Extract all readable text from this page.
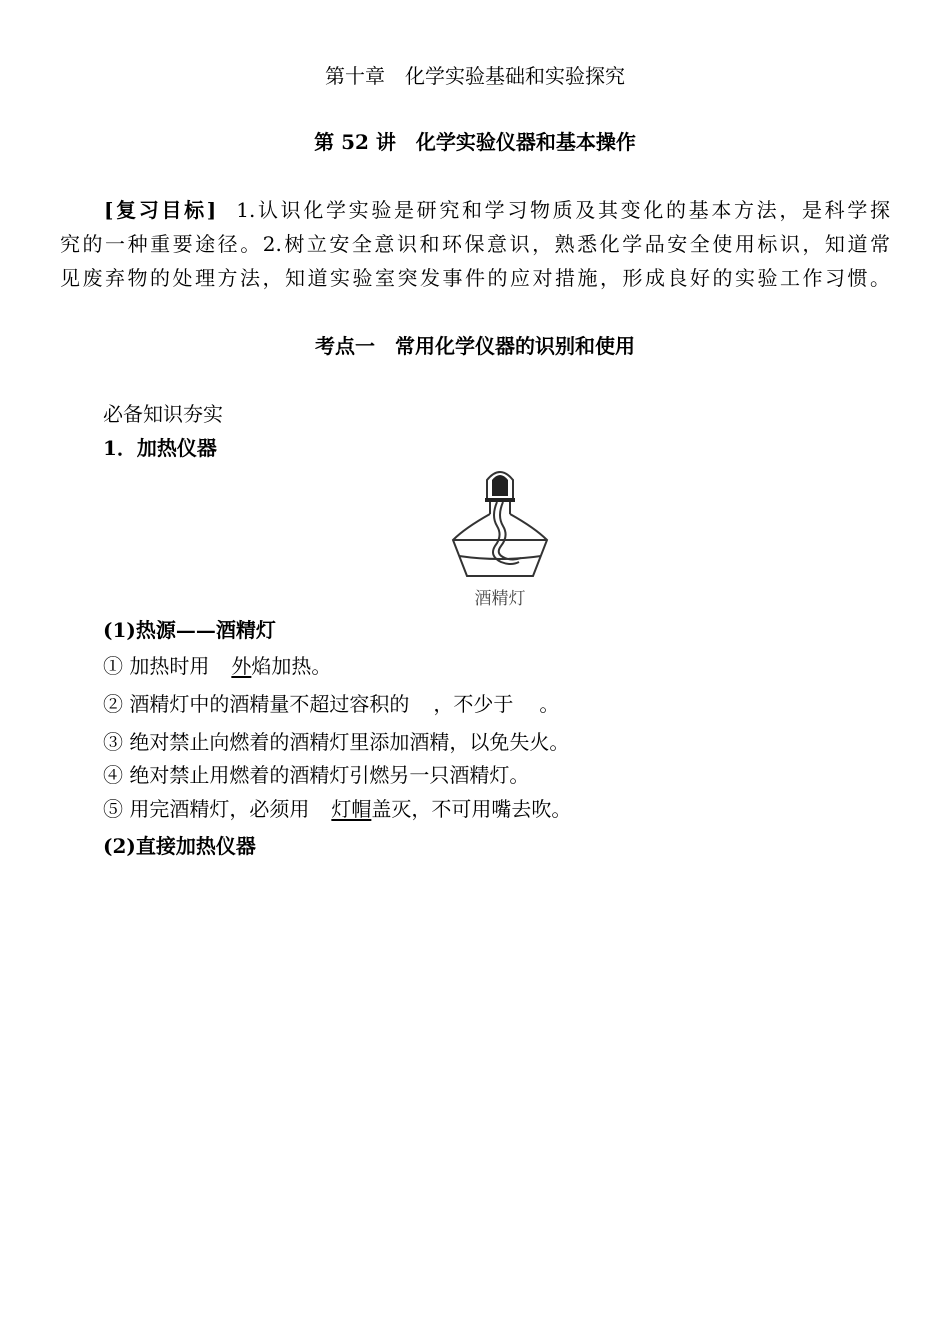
第十章　化学实验基础和实验探究
第 52 讲　化学实验仪器和基本操作
[复习目标] 1.认识化学实验是研究和学习物质及其变化的基本方法，是科学探
究的一种重要途径。2.树立安全意识和环保意识，熟悉化学品安全使用标识，知道常
见废弃物的处理方法，知道实验室突发事件的应对措施，形成良好的实验工作习惯。
考点一　常用化学仪器的识别和使用
必备知识夯实
1．加热仪器
酒精灯
(1)热源——酒精灯
① 加热时用 外焰加热。
② 酒精灯中的酒精量不超过容积的 ，不少于 。
③ 绝对禁止向燃着的酒精灯里添加酒精，以免失火。
④ 绝对禁止用燃着的酒精灯引燃另一只酒精灯。
⑤ 用完酒精灯，必须用 灯帽盖灭，不可用嘴去吹。
(2)直接加热仪器
